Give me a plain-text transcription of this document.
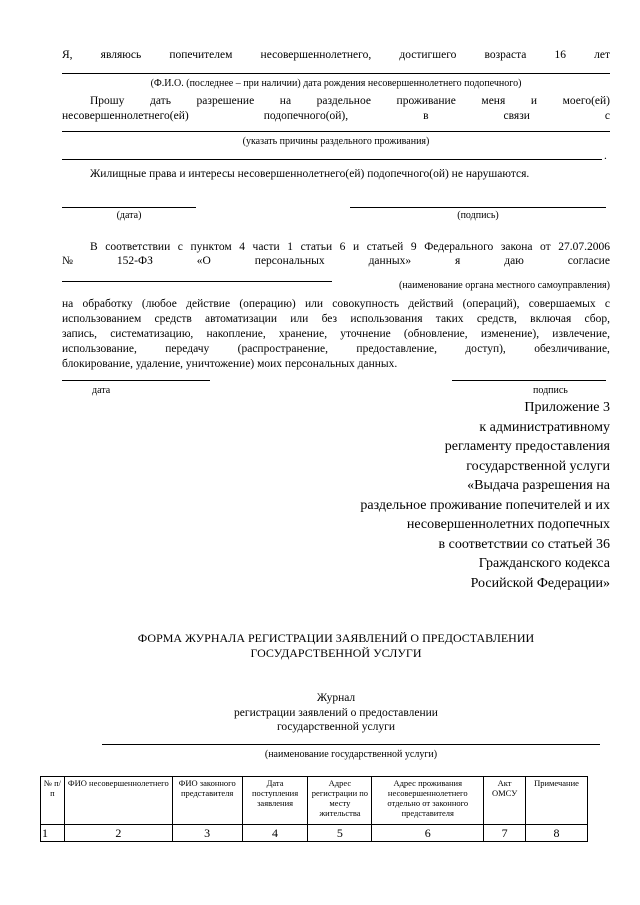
Я, являюсь попечителем несовершеннолетнего, достигшего возраста 16 лет
(Ф.И.О. (последнее – при наличии) дата рождения несовершеннолетнего подопечного)
Прошу дать разрешение на раздельное проживание меня и моего(ей)
несовершеннолетнего(ей)	подопечного(ой),	в	связи	с
(указать причины раздельного проживания)
.
Жилищные права и интересы несовершеннолетнего(ей) подопечного(ой) не нарушаются.
(дата)	(подпись)
В соответствии с пунктом 4 части 1 статьи 6 и статьей 9 Федерального закона от 27.07.2006
№	152-ФЗ	«О	персональных	данных»	я	даю	согласие
(наименование органа местного самоуправления)
на обработку (любое действие (операцию) или совокупность действий (операций), совершаемых с
использованием средств автоматизации или без использования таких средств, включая сбор,
запись, систематизацию, накопление, хранение, уточнение (обновление, изменение), извлечение,
использование, передачу (распространение, предоставление, доступ), обезличивание,
блокирование, удаление, уничтожение) моих персональных данных.
дата	подпись
Приложение 3
к административному
регламенту предоставления
государственной услуги
«Выдача разрешения на
раздельное проживание попечителей и их
несовершеннолетних подопечных
в соответствии со статьей 36
Гражданского кодекса
Росийской Федерации»
ФОРМА ЖУРНАЛА РЕГИСТРАЦИИ ЗАЯВЛЕНИЙ О ПРЕДОСТАВЛЕНИИ
ГОСУДАРСТВЕННОЙ УСЛУГИ
Журнал
регистрации заявлений о предоставлении
государственной услуги
(наименование государственной услуги)
№ п/п	ФИО несовершеннолетнего	ФИО законного представителя	Дата поступления заявления	Адрес регистрации по месту жительства	Адрес проживания несовершеннолетнего отдельно от законного представителя	Акт ОМСУ	Примечание
1	2	3	4	5	6	7	8
